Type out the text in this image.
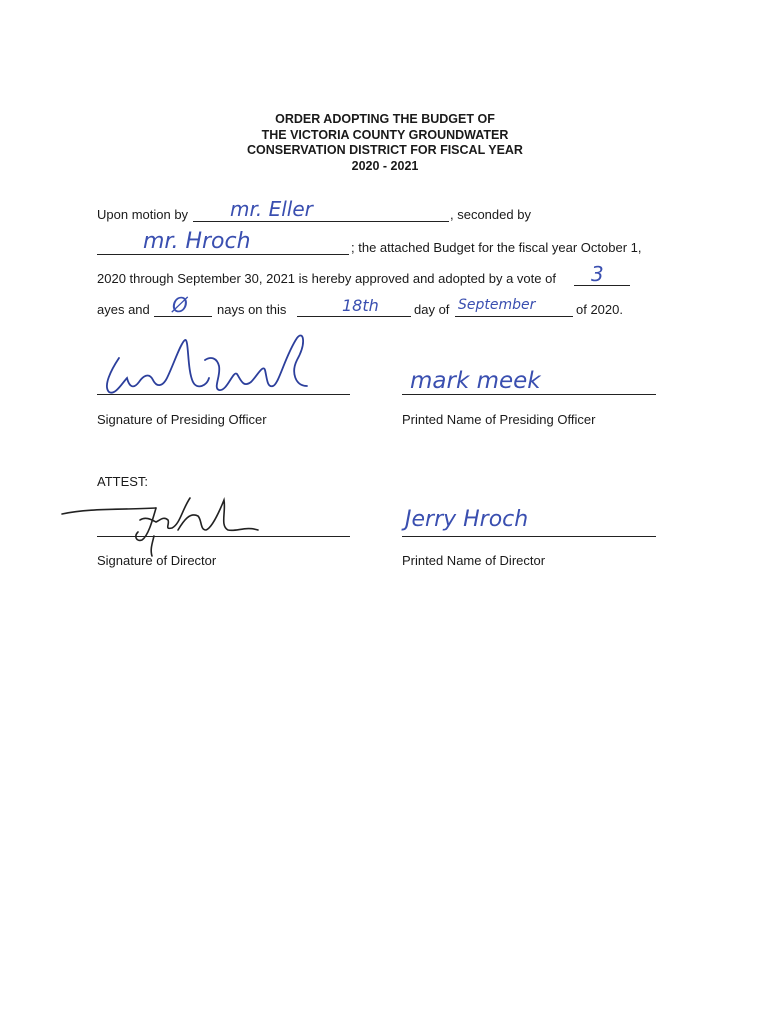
ORDER ADOPTING THE BUDGET OF
THE VICTORIA COUNTY GROUNDWATER
CONSERVATION DISTRICT FOR FISCAL YEAR
2020 - 2021
Upon motion by mr. Eller	, seconded by
mr. Hroch	; the attached Budget for the fiscal year October 1,
2020 through September 30, 2021 is hereby approved and adopted by a vote of 3
ayes and Ø nays on this	18th	day of September	of 2020.
Signature of Presiding Officer
mark meek
Printed Name of Presiding Officer
ATTEST:
Signature of Director
Jerry Hroch
Printed Name of Director
